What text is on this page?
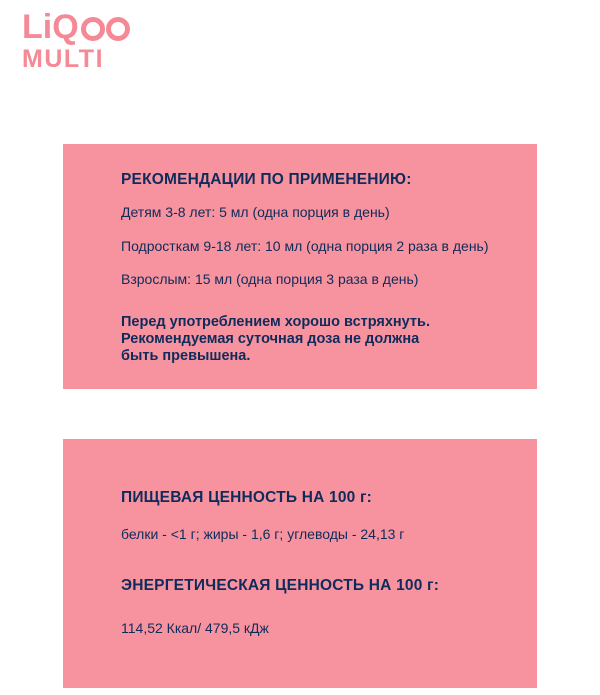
LiQ
MULTI
РЕКОМЕНДАЦИИ ПО ПРИМЕНЕНИЮ:
Детям 3-8 лет: 5 мл (одна порция в день)
Подросткам 9-18 лет: 10 мл (одна порция 2 раза в день)
Взрослым: 15 мл (одна порция 3 раза в день)
Перед употреблением хорошо встряхнуть.
Рекомендуемая суточная доза не должна
быть превышена.
ПИЩЕВАЯ ЦЕННОСТЬ НА 100 г:
белки - <1 г; жиры - 1,6 г; углеводы - 24,13 г
ЭНЕРГЕТИЧЕСКАЯ ЦЕННОСТЬ НА 100 г:
114,52 Ккал/ 479,5 кДж
